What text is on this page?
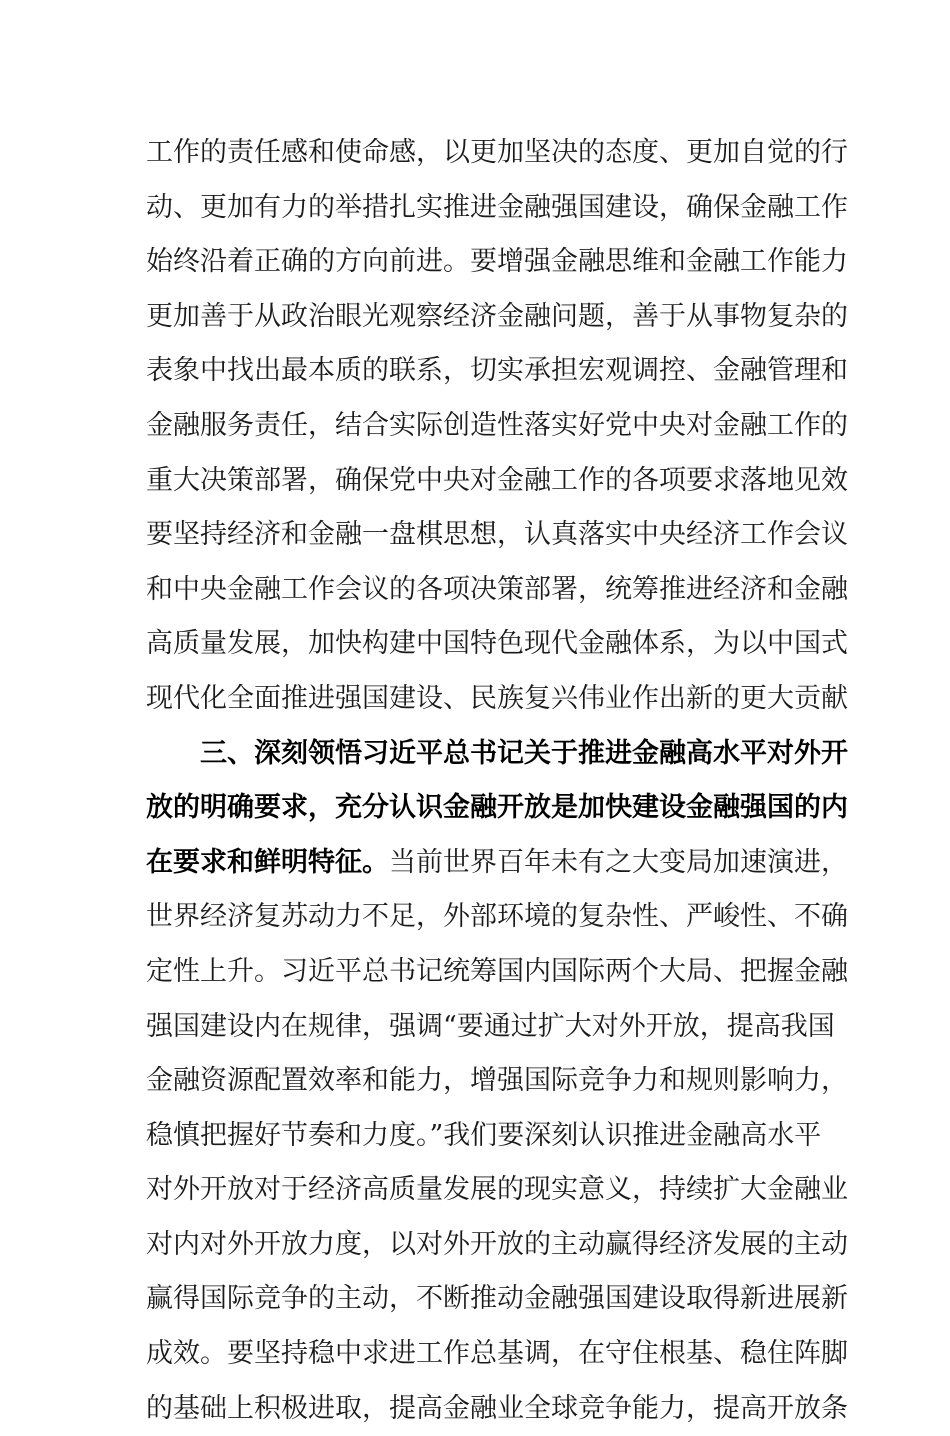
工作的责任感和使命感，以更加坚决的态度、更加自觉的行
动、更加有力的举措扎实推进金融强国建设，确保金融工作
始终沿着正确的方向前进。要增强金融思维和金融工作能力
更加善于从政治眼光观察经济金融问题，善于从事物复杂的
表象中找出最本质的联系，切实承担宏观调控、金融管理和
金融服务责任，结合实际创造性落实好党中央对金融工作的
重大决策部署，确保党中央对金融工作的各项要求落地见效
要坚持经济和金融一盘棋思想，认真落实中央经济工作会议
和中央金融工作会议的各项决策部署，统筹推进经济和金融
高质量发展，加快构建中国特色现代金融体系，为以中国式
现代化全面推进强国建设、民族复兴伟业作出新的更大贡献
三、深刻领悟习近平总书记关于推进金融高水平对外开
放的明确要求，充分认识金融开放是加快建设金融强国的内
在要求和鲜明特征。当前世界百年未有之大变局加速演进，
世界经济复苏动力不足，外部环境的复杂性、严峻性、不确
定性上升。习近平总书记统筹国内国际两个大局、把握金融
强国建设内在规律，强调“要通过扩大对外开放，提高我国
金融资源配置效率和能力，增强国际竞争力和规则影响力，
稳慎把握好节奏和力度。”我们要深刻认识推进金融高水平
对外开放对于经济高质量发展的现实意义，持续扩大金融业
对内对外开放力度，以对外开放的主动赢得经济发展的主动
赢得国际竞争的主动，不断推动金融强国建设取得新进展新
成效。要坚持稳中求进工作总基调，在守住根基、稳住阵脚
的基础上积极进取，提高金融业全球竞争能力，提高开放条
